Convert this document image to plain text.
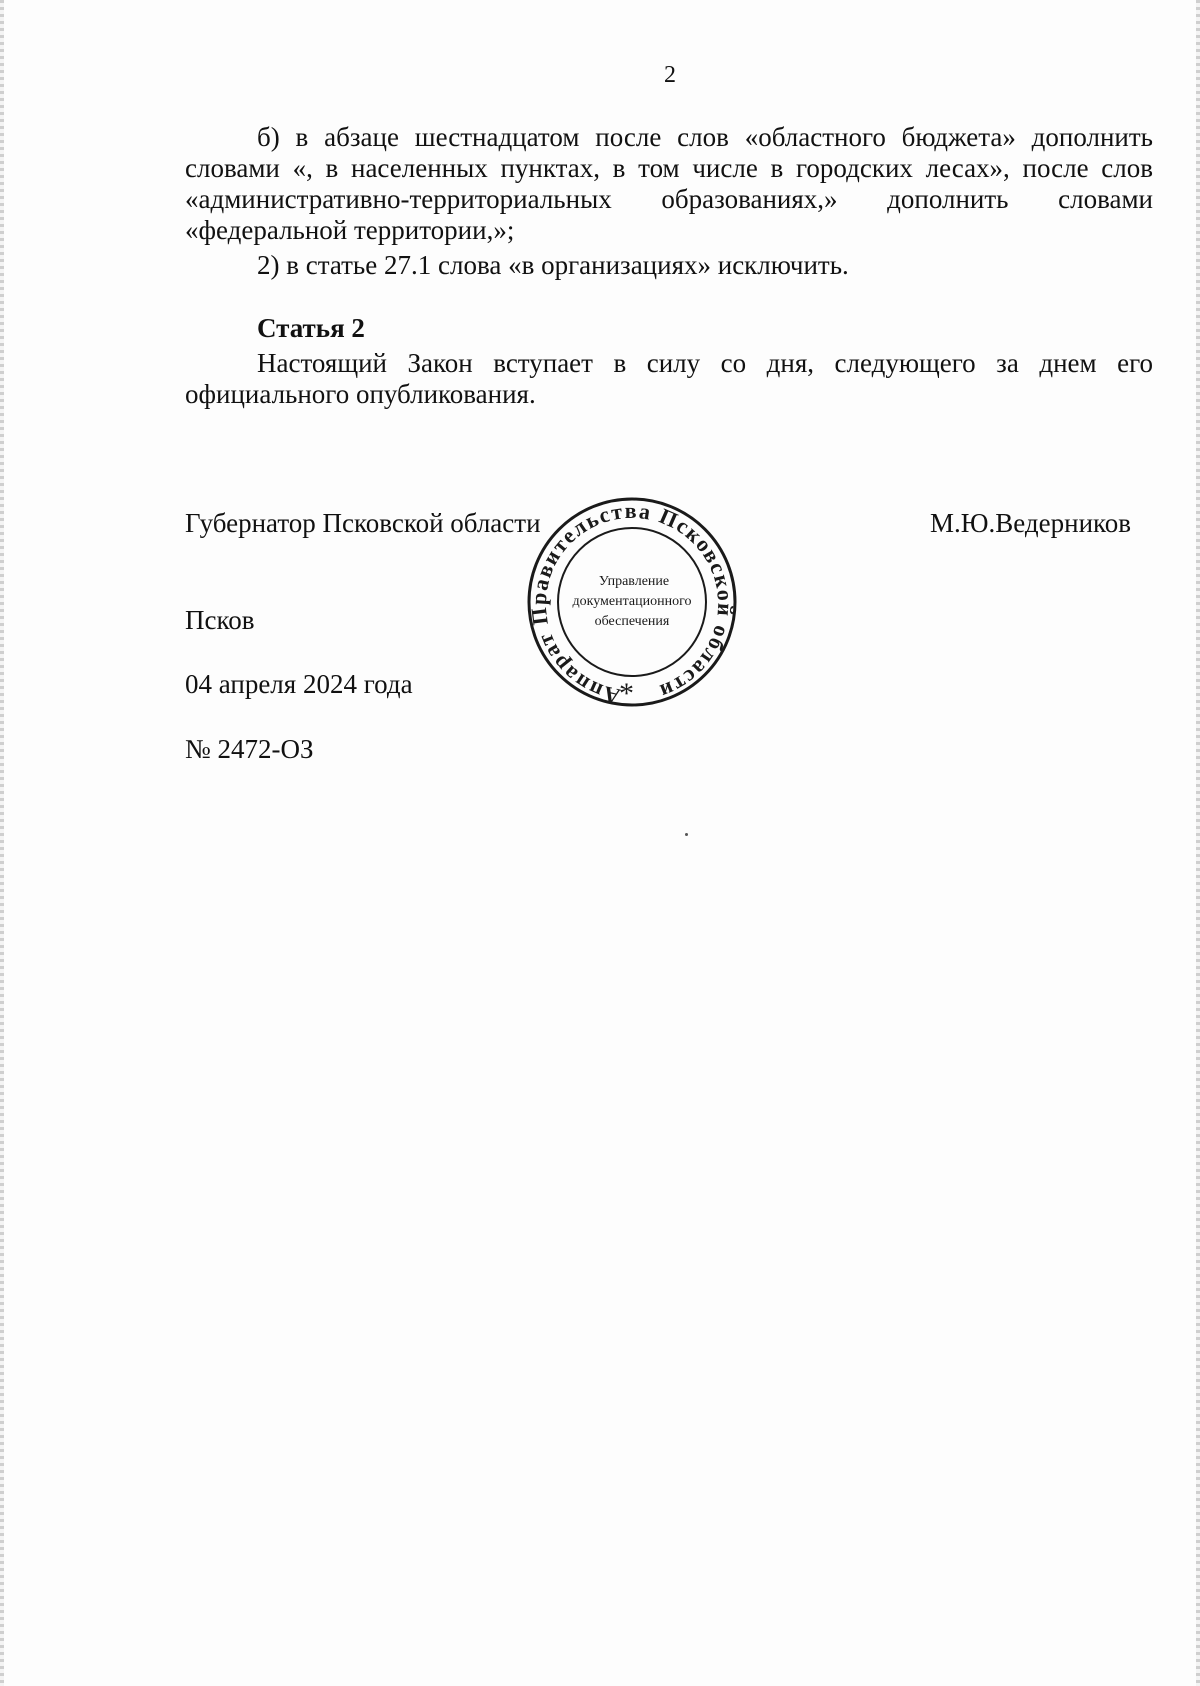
2

б) в абзаце шестнадцатом после слов «областного бюджета» дополнить словами «, в населенных пунктах, в том числе в городских лесах», после слов «административно-территориальных образованиях,» дополнить словами «федеральной территории,»;

2) в статье 27.1 слова «в организациях» исключить.

Статья 2

Настоящий Закон вступает в силу со дня, следующего за днем его официального опубликования.

Губернатор Псковской области	М.Ю.Ведерников
Псков
04 апреля 2024 года
№ 2472-ОЗ
Аппарат Правительства Псковской области
Управление
документационного
обеспечения
*
